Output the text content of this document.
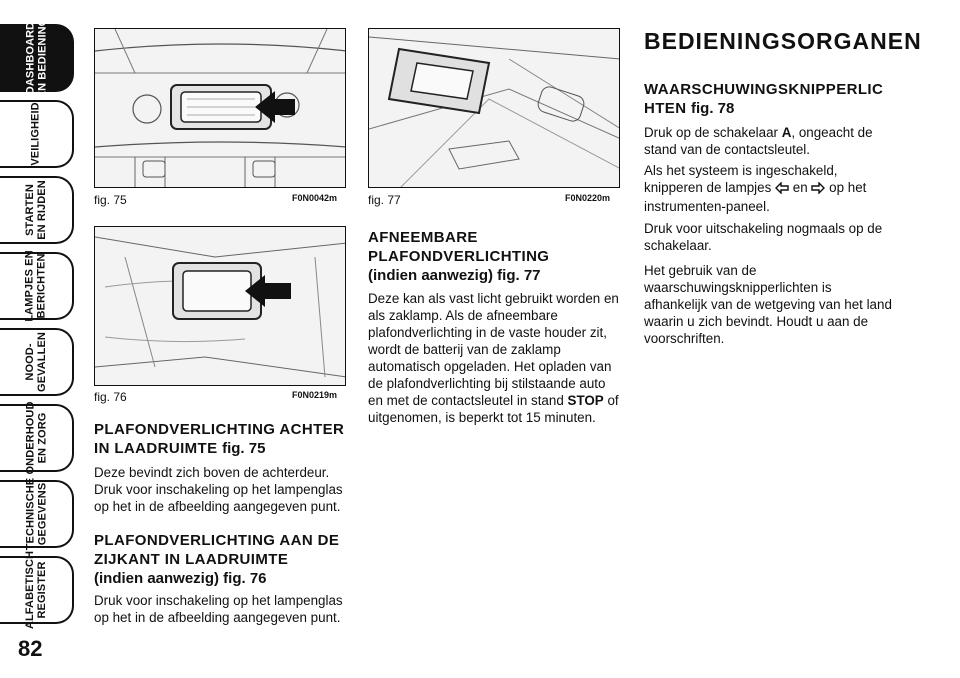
DASHBOARD
EN BEDIENING
VEILIGHEID
STARTEN
EN RIJDEN
LAMPJES EN
BERICHTEN
NOOD-
GEVALLEN
ONDERHOUD
EN ZORG
TECHNISCHE
GEGEVENS
ALFABETISCH
REGISTER
82
fig. 75	F0N0042m
fig. 76	F0N0219m
fig. 77	F0N0220m
PLAFONDVERLICHTING ACHTER IN LAADRUIMTE fig. 75

Deze bevindt zich boven de achterdeur. Druk voor inschakeling op het lampenglas op het in de afbeelding aangegeven punt.

PLAFONDVERLICHTING AAN DE ZIJKANT IN LAADRUIMTE
(indien aanwezig) fig. 76

Druk voor inschakeling op het lampenglas op het in de afbeelding aangegeven punt.

AFNEEMBARE
PLAFONDVERLICHTING
(indien aanwezig) fig. 77

Deze kan als vast licht gebruikt worden en als zaklamp. Als de afneembare plafondverlichting in de vaste houder zit, wordt de batterij van de zaklamp automatisch opgeladen. Het opladen van de plafondverlichting bij stilstaande auto en met de contactsleutel in stand STOP of uitgenomen, is beperkt tot 15 minuten.

BEDIENINGSORGANEN
WAARSCHUWINGSKNIPPERLICHTEN fig. 78

Druk op de schakelaar A, ongeacht de stand van de contactsleutel.

Als het systeem is ingeschakeld, knipperen de lampjes en op het instrumenten-paneel.

Druk voor uitschakeling nogmaals op de schakelaar.

Het gebruik van de waarschuwingsknipperlichten is afhankelijk van de wetgeving van het land waarin u zich bevindt. Houdt u aan de voorschriften.
